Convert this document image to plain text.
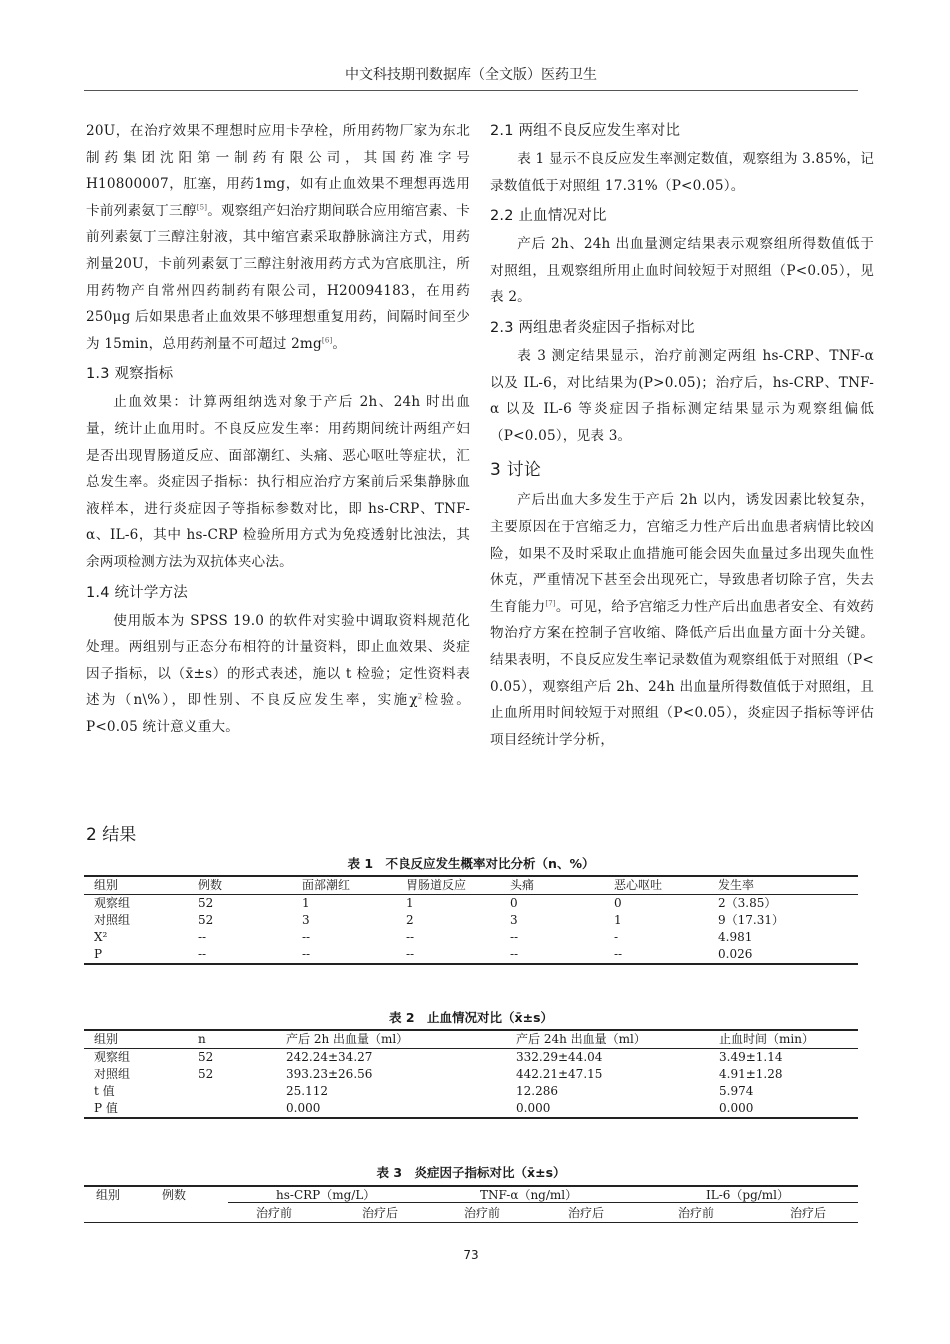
中文科技期刊数据库（全文版）医药卫生

20U，在治疗效果不理想时应用卡孕栓，所用药物厂家为东北制药集团沈阳第一制药有限公司，其国药准字号H10800007，肛塞，用药1mg，如有止血效果不理想再选用卡前列素氨丁三醇[5]。观察组产妇治疗期间联合应用缩宫素、卡前列素氨丁三醇注射液，其中缩宫素采取静脉滴注方式，用药剂量20U，卡前列素氨丁三醇注射液用药方式为宫底肌注，所用药物产自常州四药制药有限公司，H20094183，在用药 250μg 后如果患者止血效果不够理想重复用药，间隔时间至少为 15min，总用药剂量不可超过 2mg[6]。

1.3 观察指标

止血效果：计算两组纳选对象于产后 2h、24h 时出血量，统计止血用时。不良反应发生率：用药期间统计两组产妇是否出现胃肠道反应、面部潮红、头痛、恶心呕吐等症状，汇总发生率。炎症因子指标：执行相应治疗方案前后采集静脉血液样本，进行炎症因子等指标参数对比，即 hs-CRP、TNF-α、IL-6，其中 hs-CRP 检验所用方式为免疫透射比浊法，其余两项检测方法为双抗体夹心法。

1.4 统计学方法

使用版本为 SPSS 19.0 的软件对实验中调取资料规范化处理。两组别与正态分布相符的计量资料，即止血效果、炎症因子指标，以（x̄±s）的形式表述，施以 t 检验；定性资料表述为（n\%），即性别、不良反应发生率，实施$\chi^2$检验。P<0.05 统计意义重大。

2.1 两组不良反应发生率对比

表 1 显示不良反应发生率测定数值，观察组为 3.85%，记录数值低于对照组 17.31%（P<0.05）。

2.2 止血情况对比

产后 2h、24h 出血量测定结果表示观察组所得数值低于对照组，且观察组所用止血时间较短于对照组（P<0.05），见表 2。

2.3 两组患者炎症因子指标对比

表 3 测定结果显示，治疗前测定两组 hs-CRP、TNF-α 以及 IL-6，对比结果为(P>0.05)；治疗后，hs-CRP、TNF-α 以及 IL-6 等炎症因子指标测定结果显示为观察组偏低（P<0.05），见表 3。

3 讨论

产后出血大多发生于产后 2h 以内，诱发因素比较复杂，主要原因在于宫缩乏力，宫缩乏力性产后出血患者病情比较凶险，如果不及时采取止血措施可能会因失血量过多出现失血性休克，严重情况下甚至会出现死亡，导致患者切除子宫，失去生育能力[7]。可见，给予宫缩乏力性产后出血患者安全、有效药物治疗方案在控制子宫收缩、降低产后出血量方面十分关键。结果表明，不良反应发生率记录数值为观察组低于对照组（P< 0.05），观察组产后 2h、24h 出血量所得数值低于对照组，且止血所用时间较短于对照组（P<0.05），炎症因子指标等评估项目经统计学分析，

2 结果
表 1　不良反应发生概率对比分析（n、%）
组别	例数	面部潮红	胃肠道反应	头痛	恶心呕吐	发生率
观察组	52	1	1	0	0	2（3.85）
对照组	52	3	2	3	1	9（17.31）
X²	--	--	--	--	-	4.981
P	--	--	--	--	--	0.026
表 2　止血情况对比（x̄±s）
组别	n	产后 2h 出血量（ml）	产后 24h 出血量（ml）	止血时间（min）
观察组	52	242.24±34.27	332.29±44.04	3.49±1.14
对照组	52	393.23±26.56	442.21±47.15	4.91±1.28
t 值		25.112	12.286	5.974
P 值		0.000	0.000	0.000
表 3　炎症因子指标对比（x̄±s）
组别	例数	hs-CRP（mg/L）	TNF-α（ng/ml）	IL-6（pg/ml）
治疗前	治疗后	治疗前	治疗后	治疗前	治疗后
73
